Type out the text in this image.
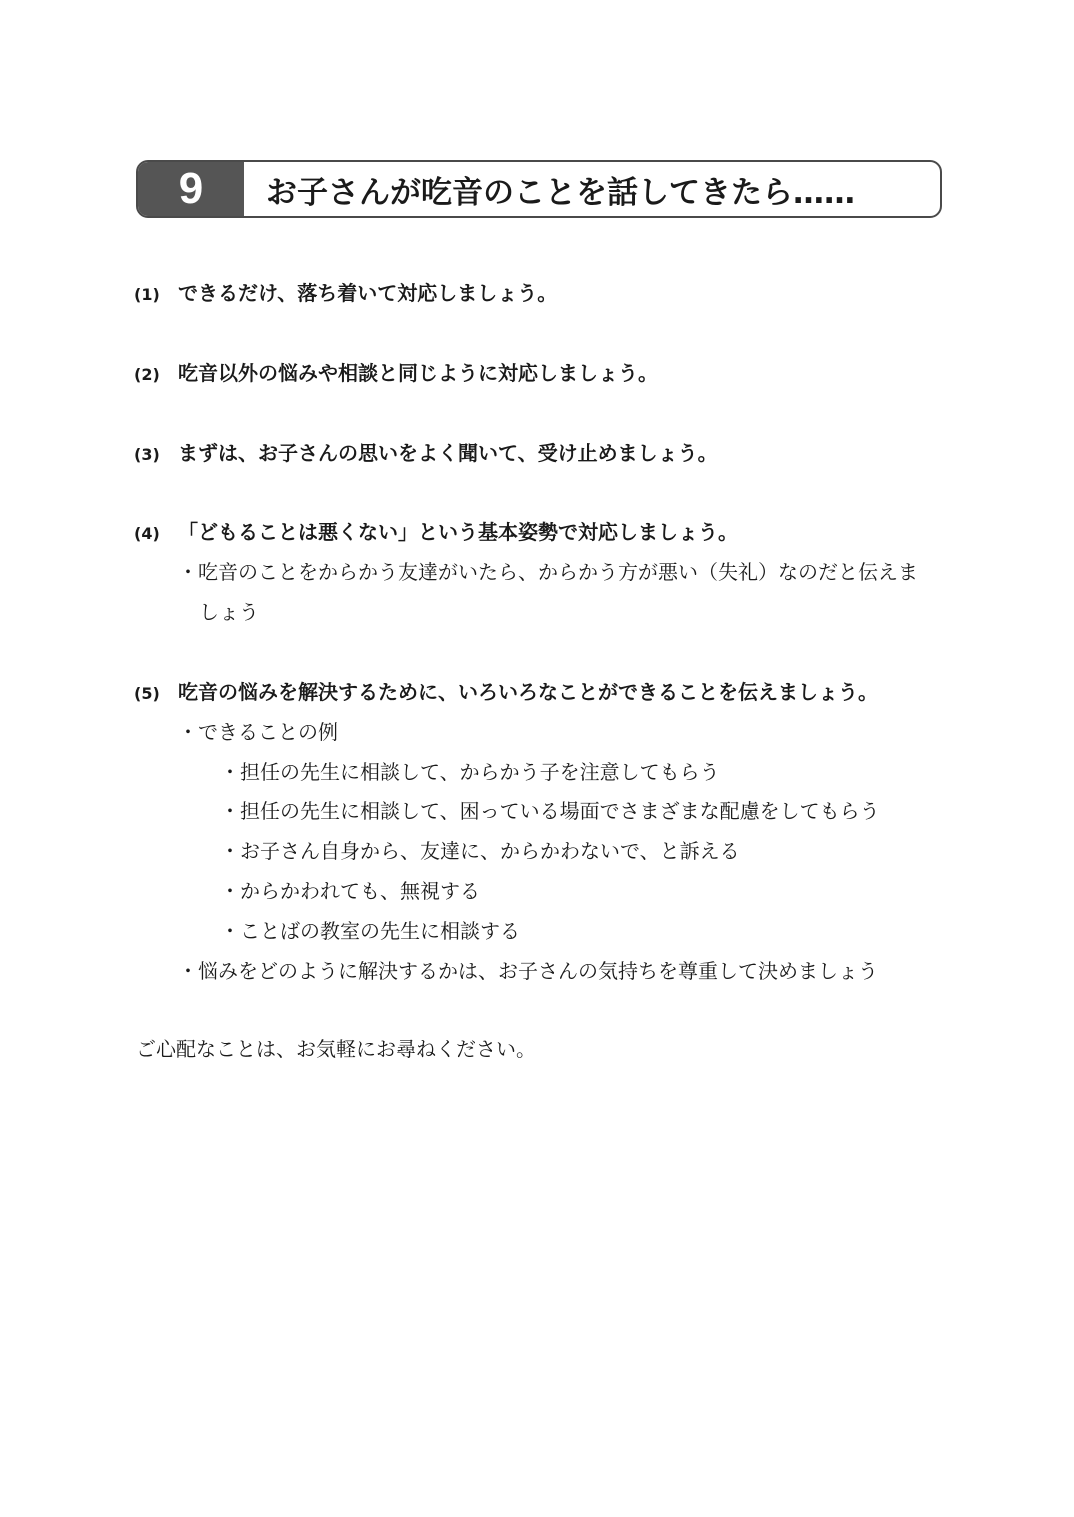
9	お子さんが吃音のことを話してきたら……
(1) できるだけ、落ち着いて対応しましょう。
(2) 吃音以外の悩みや相談と同じように対応しましょう。
(3) まずは、お子さんの思いをよく聞いて、受け止めましょう。
(4) 「どもることは悪くない」という基本姿勢で対応しましょう。
・吃音のことをからかう友達がいたら、からかう方が悪い（失礼）なのだと伝えま
しょう
(5) 吃音の悩みを解決するために、いろいろなことができることを伝えましょう。
・できることの例
・担任の先生に相談して、からかう子を注意してもらう
・担任の先生に相談して、困っている場面でさまざまな配慮をしてもらう
・お子さん自身から、友達に、からかわないで、と訴える
・からかわれても、無視する
・ことばの教室の先生に相談する
・悩みをどのように解決するかは、お子さんの気持ちを尊重して決めましょう
ご心配なことは、お気軽にお尋ねください。
